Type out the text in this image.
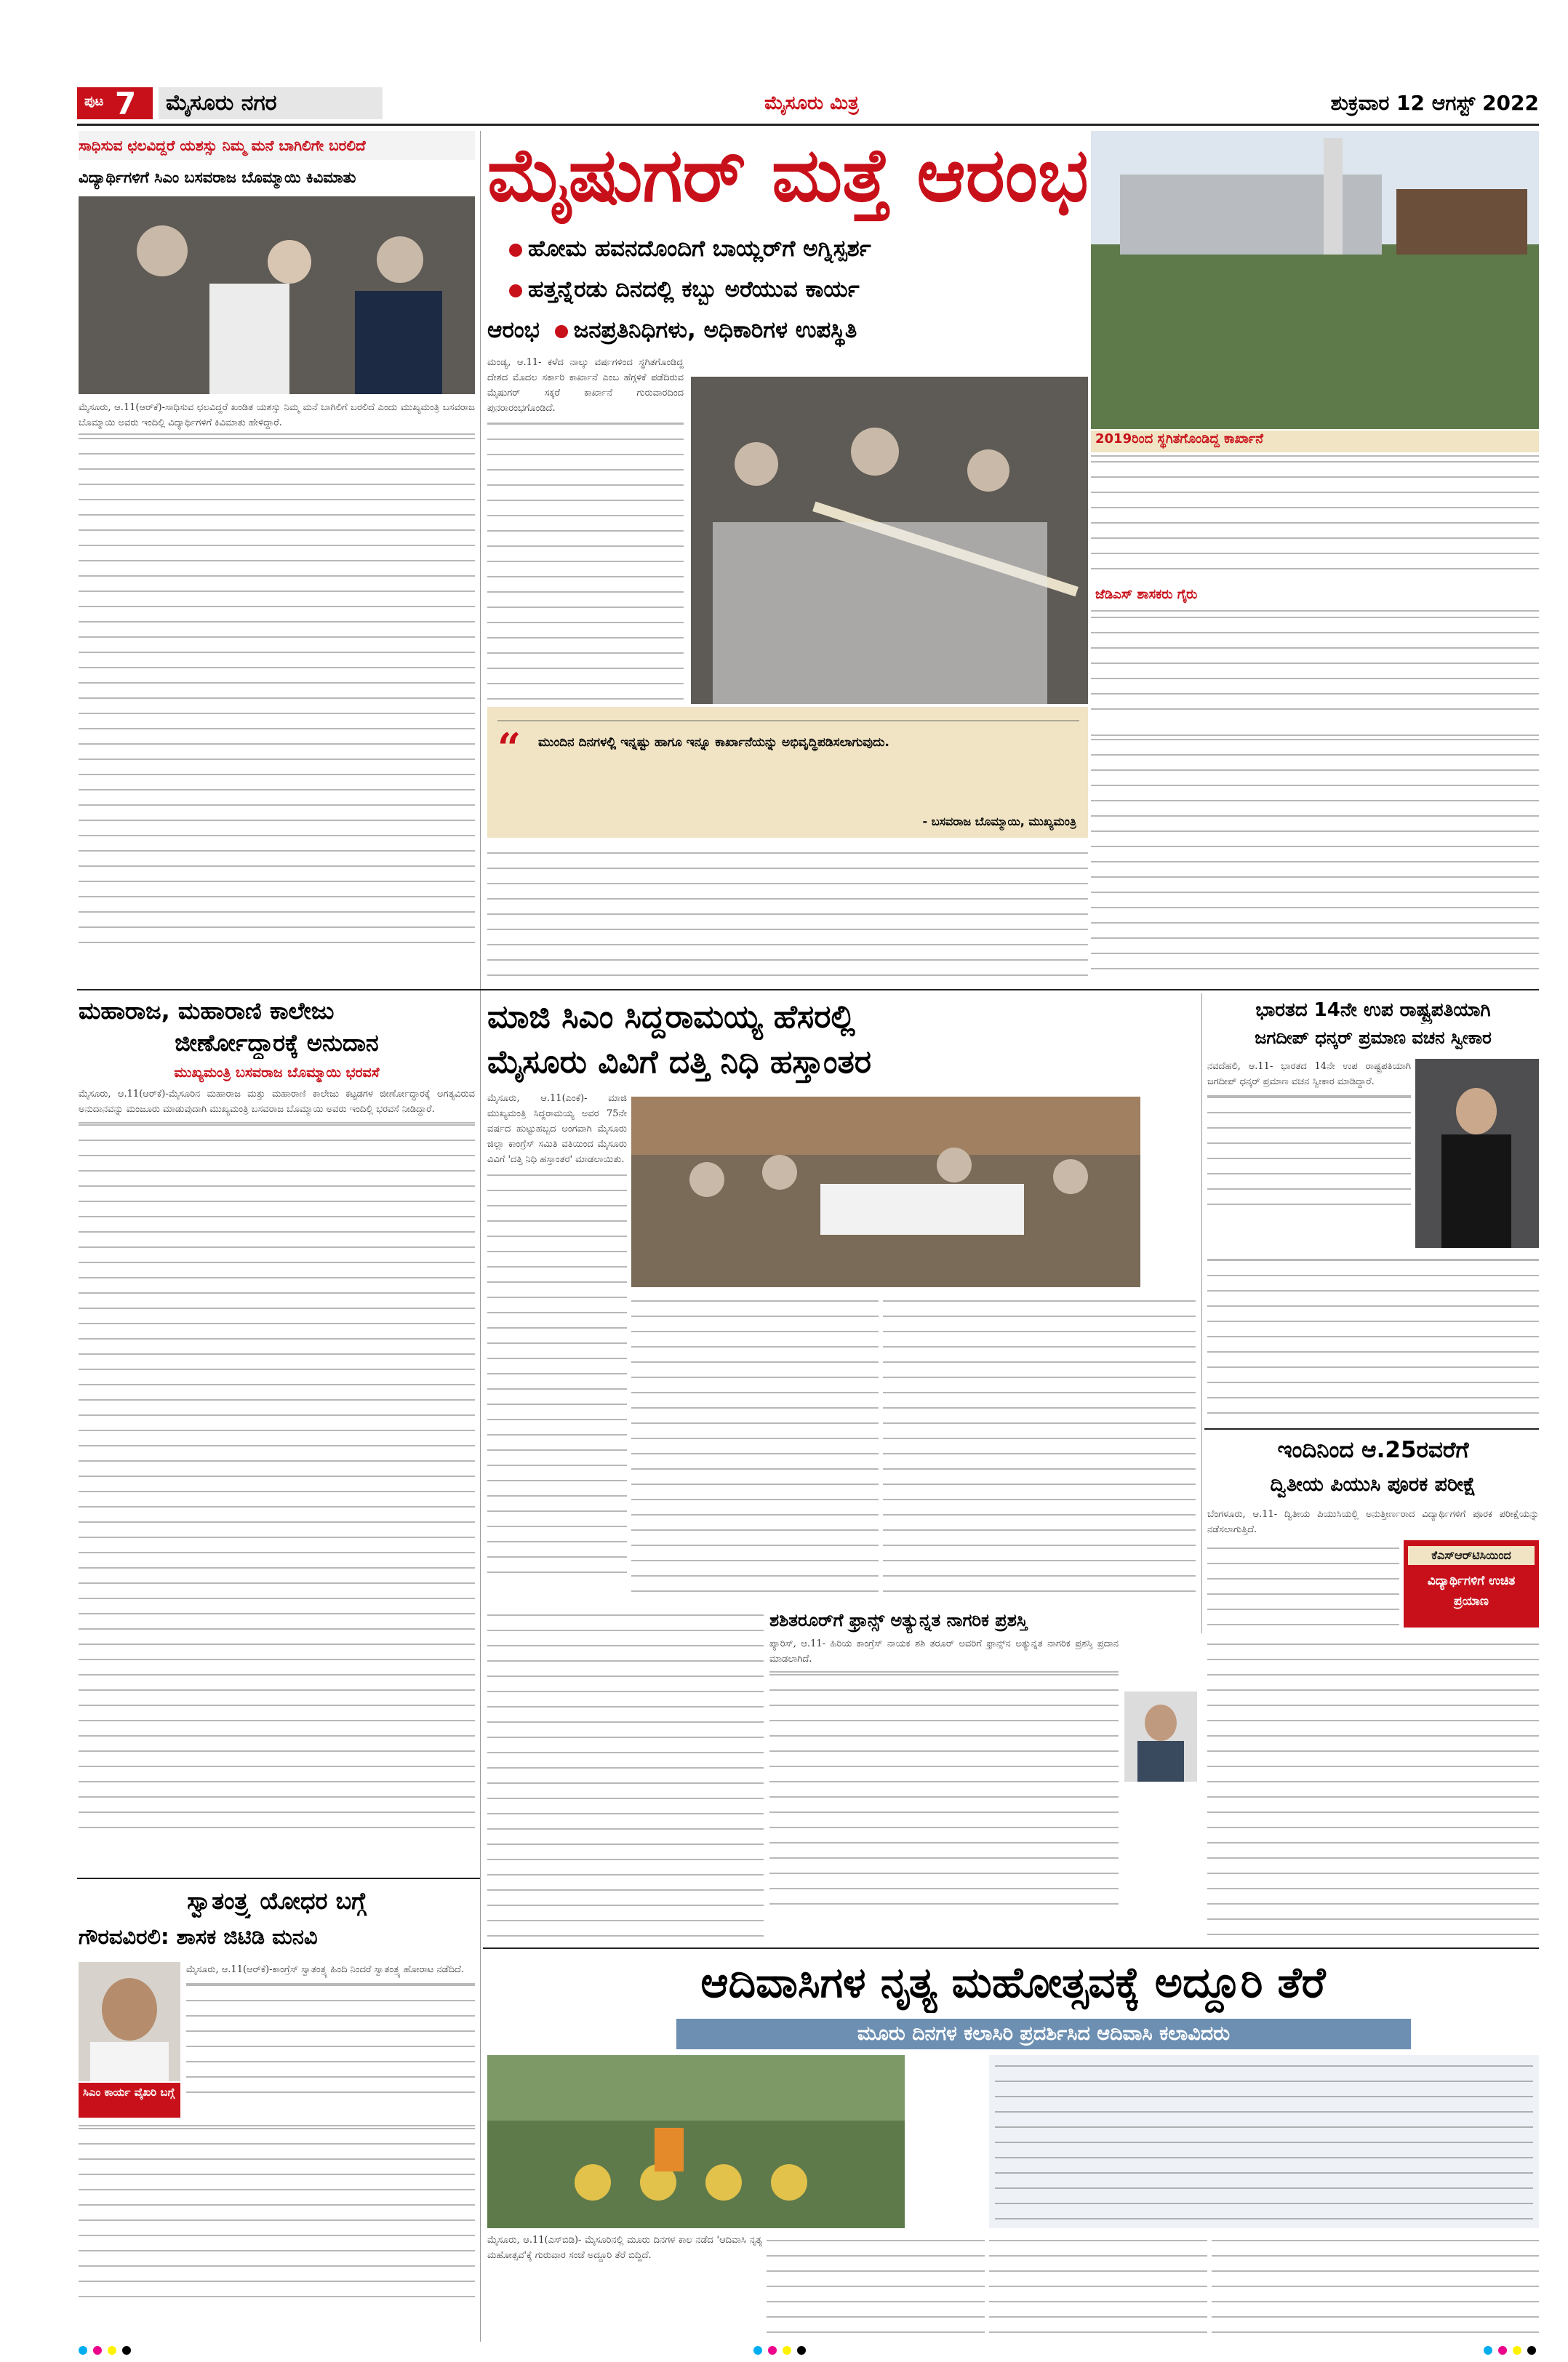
ಪುಟ 7	ಮೈಸೂರು ನಗರ	ಮೈಸೂರು ಮಿತ್ರ	ಶುಕ್ರವಾರ 12 ಆಗಸ್ಟ್ 2022
ಸಾಧಿಸುವ ಛಲವಿದ್ದರೆ ಯಶಸ್ಸು ನಿಮ್ಮ ಮನೆ ಬಾಗಿಲಿಗೇ ಬರಲಿದೆ
ವಿದ್ಯಾರ್ಥಿಗಳಿಗೆ ಸಿಎಂ ಬಸವರಾಜ ಬೊಮ್ಮಾಯಿ ಕಿವಿಮಾತು
ಮೈಸೂರು, ಆ.11(ಆರ್‌ಕೆ)-ಸಾಧಿಸುವ ಛಲವಿದ್ದರೆ ಖಂಡಿತ ಯಶಸ್ಸು ನಿಮ್ಮ ಮನೆ ಬಾಗಿಲಿಗೆ ಬರಲಿದೆ ಎಂದು ಮುಖ್ಯಮಂತ್ರಿ ಬಸವರಾಜ ಬೊಮ್ಮಾಯಿ ಅವರು ಇಂದಿಲ್ಲಿ ವಿದ್ಯಾರ್ಥಿಗಳಿಗೆ ಕಿವಿಮಾತು ಹೇಳಿದ್ದಾರೆ.
ಮೈಷುಗರ್ ಮತ್ತೆ ಆರಂಭ
ಹೋಮ ಹವನದೊಂದಿಗೆ ಬಾಯ್ಲರ್‌ಗೆ ಅಗ್ನಿಸ್ಪರ್ಶ
ಹತ್ತನ್ನೆರಡು ದಿನದಲ್ಲಿ ಕಬ್ಬು ಅರೆಯುವ ಕಾರ್ಯ
ಆರಂಭ ಜನಪ್ರತಿನಿಧಿಗಳು, ಅಧಿಕಾರಿಗಳ ಉಪಸ್ಥಿತಿ
ಮಂಡ್ಯ, ಆ.11- ಕಳೆದ ನಾಲ್ಕು ವರ್ಷಗಳಿಂದ ಸ್ಥಗಿತಗೊಂಡಿದ್ದ ದೇಶದ ಮೊದಲ ಸರ್ಕಾರಿ ಕಾರ್ಖಾನೆ ಎಂಬ ಹೆಗ್ಗಳಿಕೆ ಪಡೆದಿರುವ ಮೈಷುಗರ್ ಸಕ್ಕರೆ ಕಾರ್ಖಾನೆ ಗುರುವಾರದಿಂದ ಪುನರಾರಂಭಗೊಂಡಿದೆ.
2019ರಿಂದ ಸ್ಥಗಿತಗೊಂಡಿದ್ದ ಕಾರ್ಖಾನೆ
ಜೆಡಿಎಸ್ ಶಾಸಕರು ಗೈರು
“ ಮುಂದಿನ ದಿನಗಳಲ್ಲಿ ಇನ್ನಷ್ಟು ಹಾಗೂ ಇನ್ನೂ ಕಾರ್ಖಾನೆಯನ್ನು ಅಭಿವೃದ್ಧಿಪಡಿಸಲಾಗುವುದು.
- ಬಸವರಾಜ ಬೊಮ್ಮಾಯಿ, ಮುಖ್ಯಮಂತ್ರಿ
ಮಹಾರಾಜ, ಮಹಾರಾಣಿ ಕಾಲೇಜು
ಜೀರ್ಣೋದ್ಧಾರಕ್ಕೆ ಅನುದಾನ
ಮುಖ್ಯಮಂತ್ರಿ ಬಸವರಾಜ ಬೊಮ್ಮಾಯಿ ಭರವಸೆ
ಮೈಸೂರು, ಆ.11(ಆರ್‌ಕೆ)-ಮೈಸೂರಿನ ಮಹಾರಾಜ ಮತ್ತು ಮಹಾರಾಣಿ ಕಾಲೇಜು ಕಟ್ಟಡಗಳ ಜೀರ್ಣೋದ್ಧಾರಕ್ಕೆ ಅಗತ್ಯವಿರುವ ಅನುದಾನವನ್ನು ಮಂಜೂರು ಮಾಡುವುದಾಗಿ ಮುಖ್ಯಮಂತ್ರಿ ಬಸವರಾಜ ಬೊಮ್ಮಾಯಿ ಅವರು ಇಂದಿಲ್ಲಿ ಭರವಸೆ ನೀಡಿದ್ದಾರೆ.
ಸ್ವಾತಂತ್ರ್ಯ ಯೋಧರ ಬಗ್ಗೆ
ಗೌರವವಿರಲಿ: ಶಾಸಕ ಜಿಟಿಡಿ ಮನವಿ
ಸಿಎಂ ಕಾರ್ಯ ವೈಖರಿ ಬಗ್ಗೆ
ಮೈಸೂರು, ಆ.11(ಆರ್‌ಕೆ)-ಕಾಂಗ್ರೆಸ್ ಸ್ವಾತಂತ್ರ್ಯ ಹಿಂದಿ ನಿಂದರೆ ಸ್ವಾತಂತ್ರ್ಯ ಹೋರಾಟ ನಡೆದಿದೆ.
ಮಾಜಿ ಸಿಎಂ ಸಿದ್ದರಾಮಯ್ಯ ಹೆಸರಲ್ಲಿ
ಮೈಸೂರು ವಿವಿಗೆ ದತ್ತಿ ನಿಧಿ ಹಸ್ತಾಂತರ
ಮೈಸೂರು, ಆ.11(ಎಂಕೆ)- ಮಾಜಿ ಮುಖ್ಯಮಂತ್ರಿ ಸಿದ್ದರಾಮಯ್ಯ ಅವರ 75ನೇ ವರ್ಷದ ಹುಟ್ಟುಹಬ್ಬದ ಅಂಗವಾಗಿ ಮೈಸೂರು ಜಿಲ್ಲಾ ಕಾಂಗ್ರೆಸ್ ಸಮಿತಿ ವತಿಯಿಂದ ಮೈಸೂರು ವಿವಿಗೆ 'ದತ್ತಿ ನಿಧಿ ಹಸ್ತಾಂತರ' ಮಾಡಲಾಯಿತು.
ಭಾರತದ 14ನೇ ಉಪ ರಾಷ್ಟ್ರಪತಿಯಾಗಿ
ಜಗದೀಪ್ ಧನ್ಕರ್ ಪ್ರಮಾಣ ವಚನ ಸ್ವೀಕಾರ
ನವದೆಹಲಿ, ಆ.11- ಭಾರತದ 14ನೇ ಉಪ ರಾಷ್ಟ್ರಪತಿಯಾಗಿ ಜಗದೀಪ್ ಧನ್ಕರ್ ಪ್ರಮಾಣ ವಚನ ಸ್ವೀಕಾರ ಮಾಡಿದ್ದಾರೆ.
ಇಂದಿನಿಂದ ಆ.25ರವರೆಗೆ
ದ್ವಿತೀಯ ಪಿಯುಸಿ ಪೂರಕ ಪರೀಕ್ಷೆ
ಬೆಂಗಳೂರು, ಆ.11- ದ್ವಿತೀಯ ಪಿಯುಸಿಯಲ್ಲಿ ಅನುತ್ತೀರ್ಣರಾದ ವಿದ್ಯಾರ್ಥಿಗಳಿಗೆ ಪೂರಕ ಪರೀಕ್ಷೆಯನ್ನು ನಡೆಸಲಾಗುತ್ತಿದೆ.
ಕೆಎಸ್‌ಆರ್‌ಟಿಸಿಯಿಂದ
ವಿದ್ಯಾರ್ಥಿಗಳಿಗೆ ಉಚಿತ ಪ್ರಯಾಣ
ಶಶಿತರೂರ್‌ಗೆ ಫ್ರಾನ್ಸ್ ಅತ್ಯುನ್ನತ ನಾಗರಿಕ ಪ್ರಶಸ್ತಿ
ಪ್ಯಾರಿಸ್, ಆ.11- ಹಿರಿಯ ಕಾಂಗ್ರೆಸ್ ನಾಯಕ ಶಶಿ ತರೂರ್ ಅವರಿಗೆ ಫ್ರಾನ್ಸ್‌ನ ಅತ್ಯುನ್ನತ ನಾಗರಿಕ ಪ್ರಶಸ್ತಿ ಪ್ರದಾನ ಮಾಡಲಾಗಿದೆ.
ಆದಿವಾಸಿಗಳ ನೃತ್ಯ ಮಹೋತ್ಸವಕ್ಕೆ ಅದ್ದೂರಿ ತೆರೆ
ಮೂರು ದಿನಗಳ ಕಲಾಸಿರಿ ಪ್ರದರ್ಶಿಸಿದ ಆದಿವಾಸಿ ಕಲಾವಿದರು
ಮೈಸೂರು, ಆ.11(ಎಸ್‌ಬಿಡಿ)- ಮೈಸೂರಿನಲ್ಲಿ ಮೂರು ದಿನಗಳ ಕಾಲ ನಡೆದ 'ಆದಿವಾಸಿ ನೃತ್ಯ ಮಹೋತ್ಸವ'ಕ್ಕೆ ಗುರುವಾರ ಸಂಜೆ ಅದ್ದೂರಿ ತೆರೆ ಬಿದ್ದಿದೆ.
